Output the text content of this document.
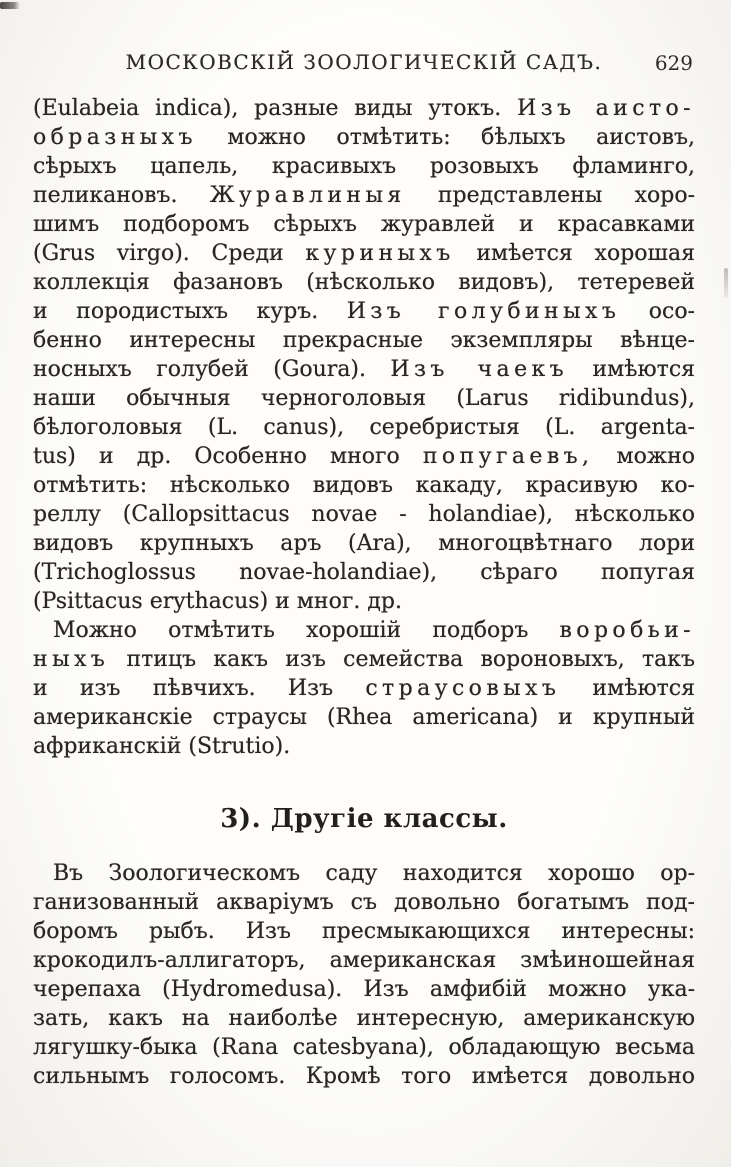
МОСКОВСКІЙ ЗООЛОГИЧЕСКІЙ САДЪ.	629
(Eulabeia indica), разные виды утокъ. Изъ аисто-
образныхъ можно отмѣтить: бѣлыхъ аистовъ,
сѣрыхъ цапель, красивыхъ розовыхъ фламинго,
пеликановъ. Журавлиныя представлены хоро-
шимъ подборомъ сѣрыхъ журавлей и красавками
(Grus virgo). Среди куриныхъ имѣется хорошая
коллекція фазановъ (нѣсколько видовъ), тетеревей
и породистыхъ куръ. Изъ голубиныхъ осо-
бенно интересны прекрасные экземпляры вѣнце-
носныхъ голубей (Goura). Изъ чаекъ имѣются
наши обычныя черноголовыя (Larus ridibundus),
бѣлоголовыя (L. canus), серебристыя (L. argenta-
tus) и др. Особенно много попугаевъ, можно
отмѣтить: нѣсколько видовъ какаду, красивую ко-
реллу (Callopsittacus novae - holandiae), нѣсколько
видовъ крупныхъ аръ (Ara), многоцвѣтнаго лори
(Trichoglossus novae-holandiae), сѣраго попугая
(Psittacus erythacus) и мног. др.
Можно отмѣтить хорошій подборъ воробьи-
ныхъ птицъ какъ изъ семейства вороновыхъ, такъ
и изъ пѣвчихъ. Изъ страусовыхъ имѣются
американскіе страусы (Rhea americana) и крупный
африканскій (Strutio).
3). Другіе классы.
Въ Зоологическомъ саду находится хорошо ор-
ганизованный акваріумъ съ довольно богатымъ под-
боромъ рыбъ. Изъ пресмыкающихся интересны:
крокодилъ-аллигаторъ, американская змѣиношейная
черепаха (Hydromedusa). Изъ амфибій можно ука-
зать, какъ на наиболѣе интересную, американскую
лягушку-быка (Rana catesbyana), обладающую весьма
сильнымъ голосомъ. Кромѣ того имѣется довольно
